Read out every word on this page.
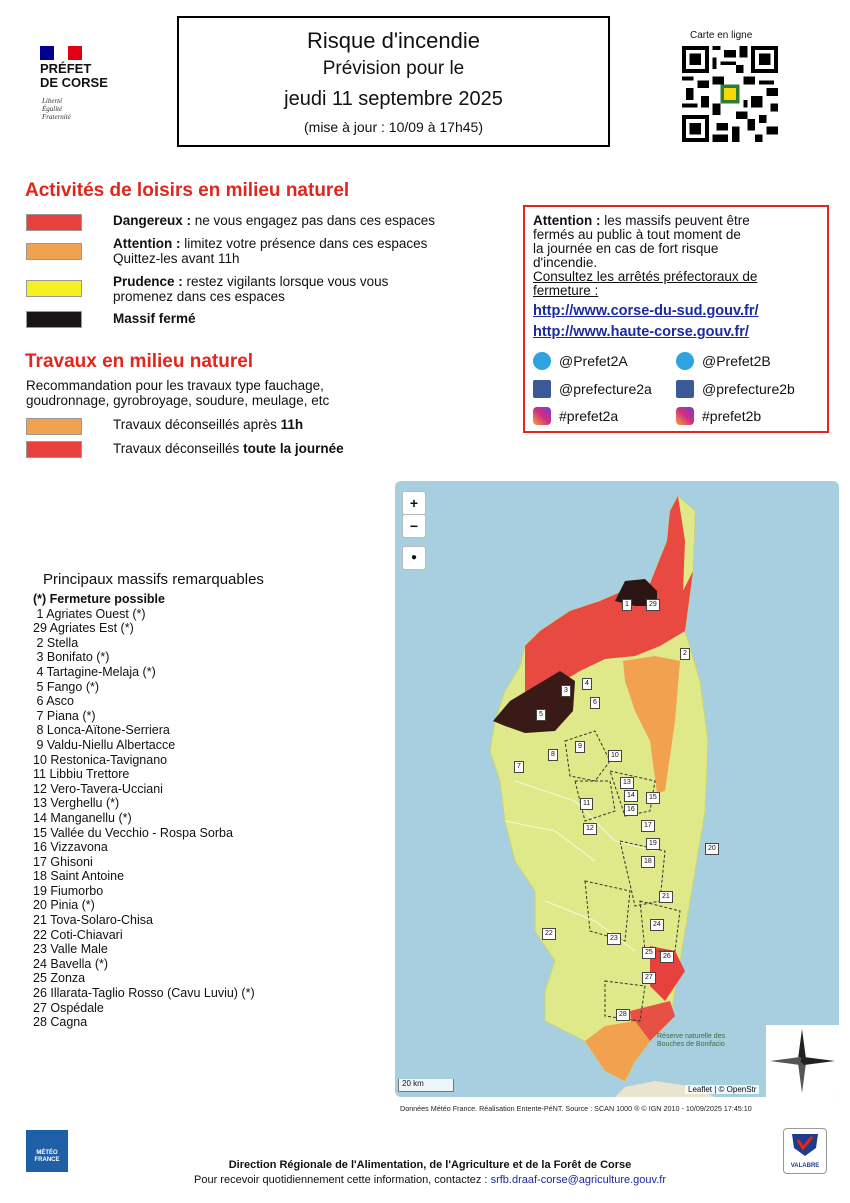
PRÉFET
DE CORSE
Liberté
Égalité
Fraternité
Risque d'incendie
Prévision pour le
jeudi 11 septembre 2025
(mise à jour : 10/09 à 17h45)
Carte en ligne
Activités de loisirs en milieu naturel
Dangereux : ne vous engagez pas dans ces espaces
Attention : limitez votre présence dans ces espaces
Quittez-les avant 11h
Prudence : restez vigilants lorsque vous vous
promenez dans ces espaces
Massif fermé
Travaux en milieu naturel
Recommandation pour les travaux type fauchage,
goudronnage, gyrobroyage, soudure, meulage, etc
Travaux déconseillés après 11h
Travaux déconseillés toute la journée
Attention : les massifs peuvent être
fermés au public à tout moment de
la journée en cas de fort risque
d'incendie.
Consultez les arrêtés préfectoraux de
fermeture :
http://www.corse-du-sud.gouv.fr/
http://www.haute-corse.gouv.fr/
@Prefet2A	@Prefet2B
@prefecture2a	@prefecture2b
#prefet2a	#prefet2b
Principaux massifs remarquables
(*) Fermeture possible
1 Agriates Ouest (*)
29 Agriates Est (*)
2 Stella
3 Bonifato (*)
4 Tartagine-Melaja (*)
5 Fango (*)
6 Asco
7 Piana (*)
8 Lonca-Aïtone-Serriera
9 Valdu-Niellu Albertacce
10 Restonica-Tavignano
11 Libbiu Trettore
12 Vero-Tavera-Ucciani
13 Verghellu (*)
14 Manganellu (*)
15 Vallée du Vecchio - Rospa Sorba
16 Vizzavona
17 Ghisoni
18 Saint Antoine
19 Fiumorbo
20 Pinia (*)
21 Tova-Solaro-Chisa
22 Coti-Chiavari
23 Valle Male
24 Bavella (*)
25 Zonza
26 Illarata-Taglio Rosso (Cavu Luviu) (*)
27 Ospédale
28 Cagna
+
−
●
1	29
2
3
4
5
6
7
8
9
10
11
12
13
14	15
16
17
18
19
20
21
22
23
24
25
26
27
28
Réserve naturelle des Bouches de Bonifacio
20 km
Leaflet | © OpenStr
Données Météo France. Réalisation Entente-PéNT. Source : SCAN 1000 ® © IGN 2010 - 10/09/2025 17:45:10
MÉTÉO
FRANCE	Direction Régionale de l'Alimentation, de l'Agriculture et de la Forêt de Corse
Pour recevoir quotidiennement cette information, contactez : srfb.draaf-corse@agriculture.gouv.fr
VALABRE
